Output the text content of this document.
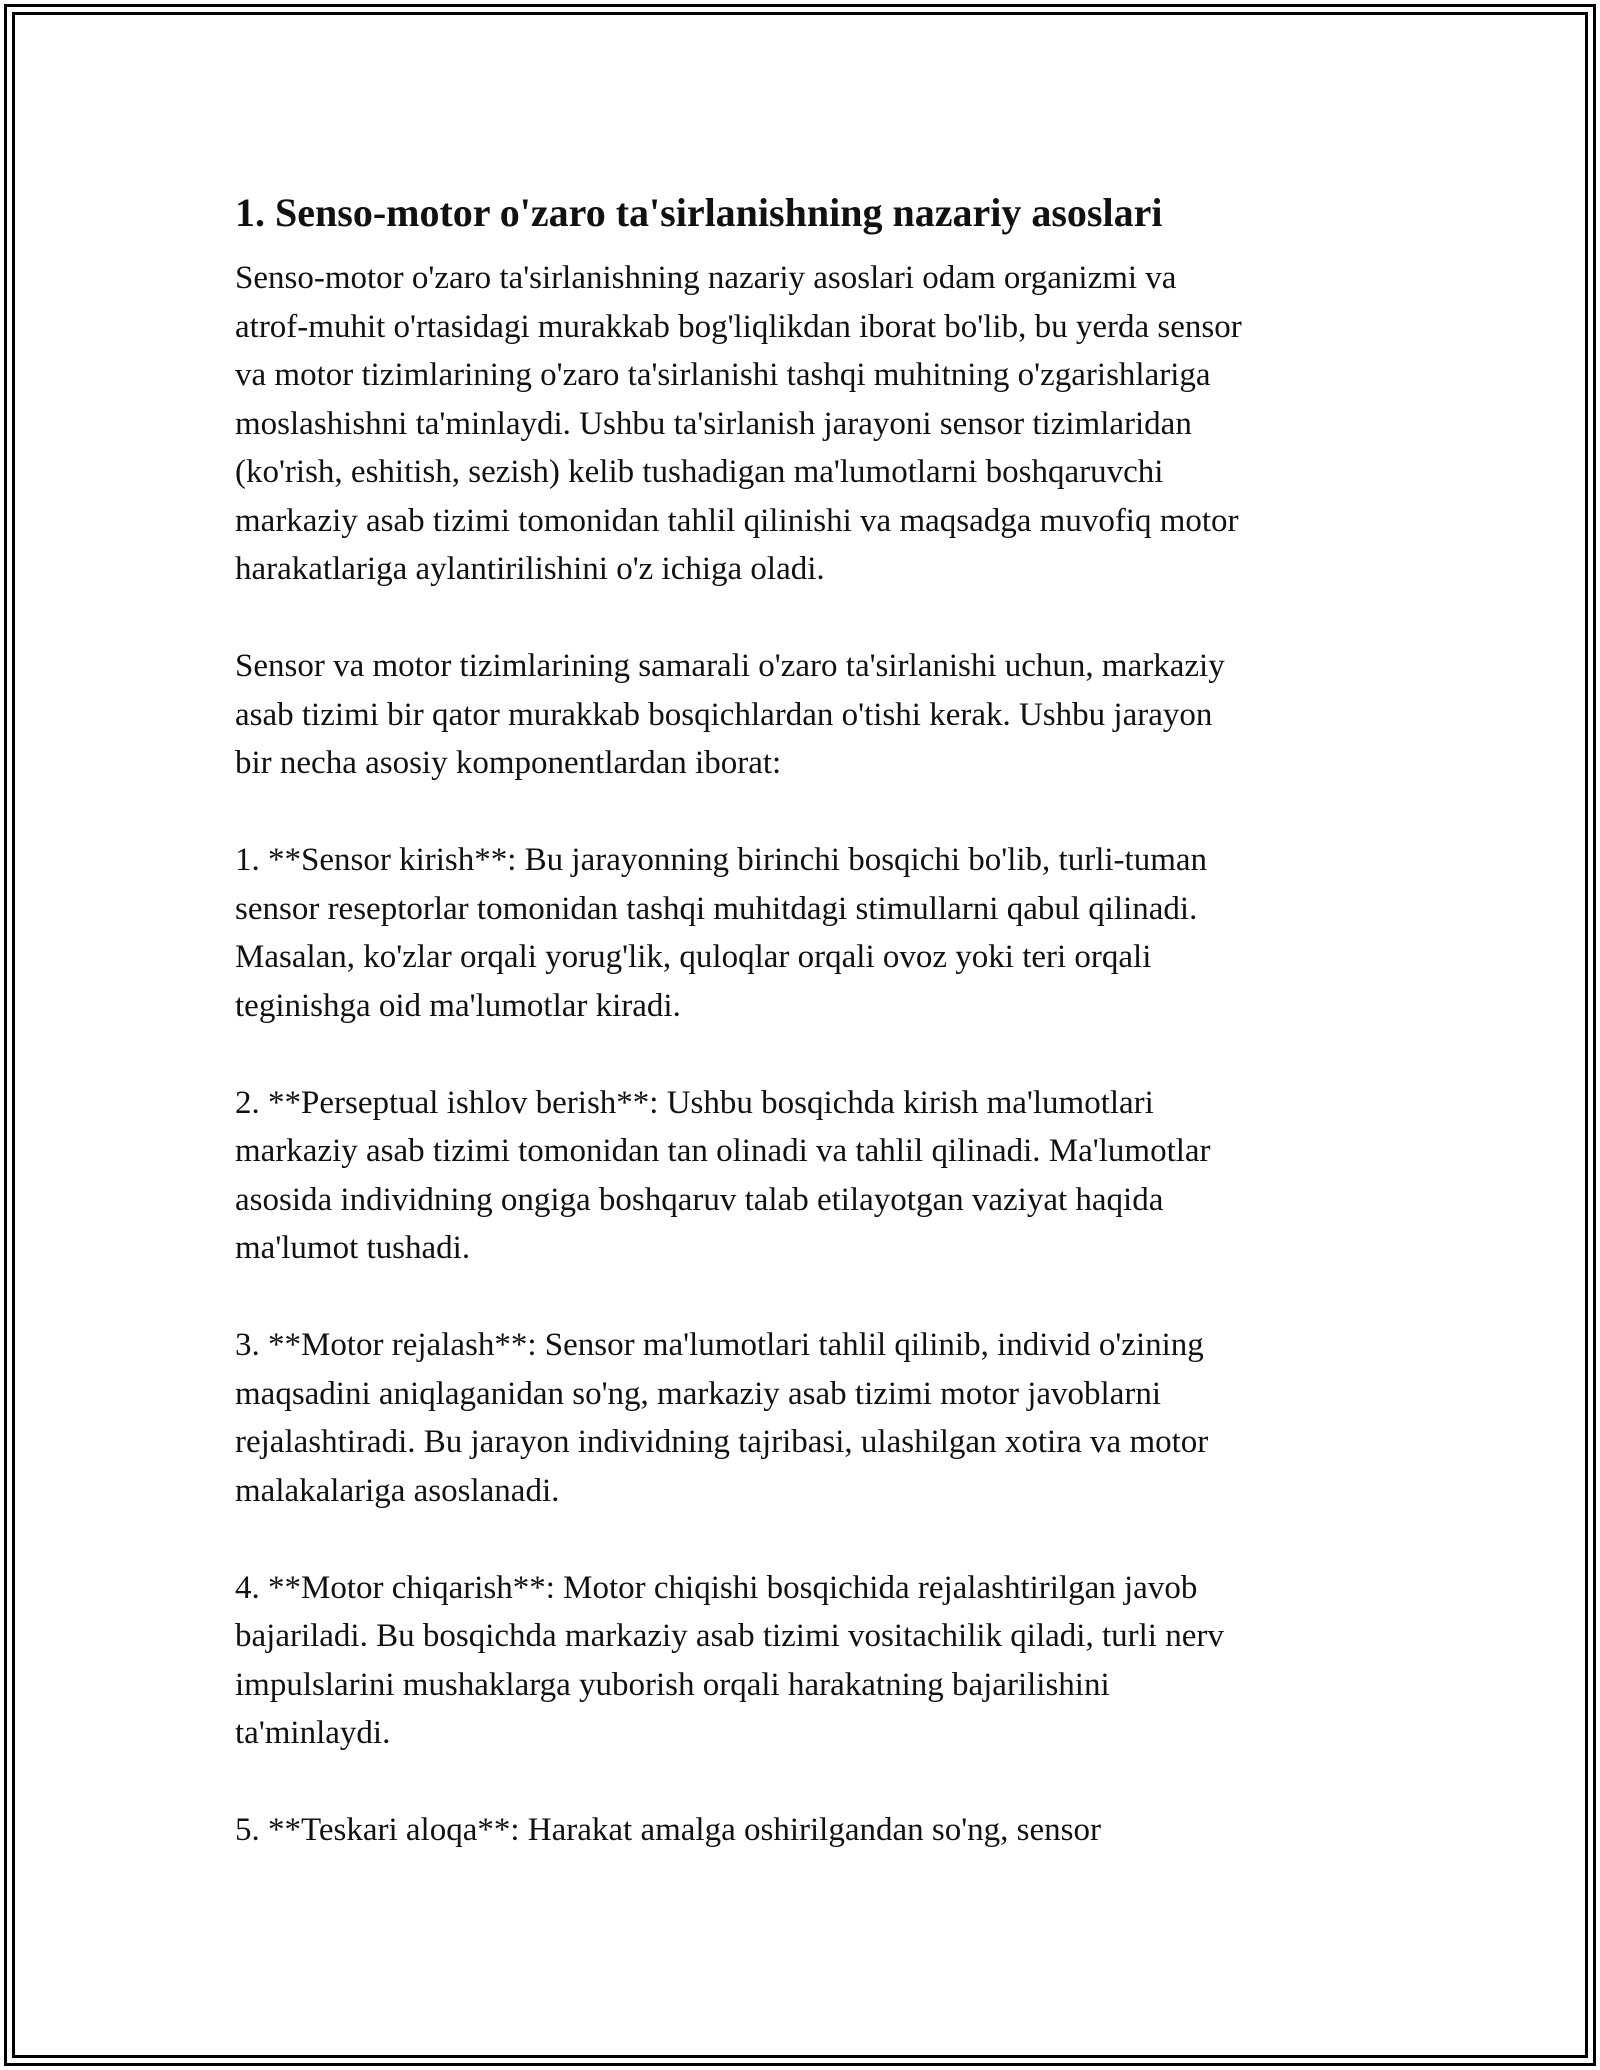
1. Senso-motor o'zaro ta'sirlanishning nazariy asoslari

Senso-motor o'zaro ta'sirlanishning nazariy asoslari odam organizmi va
atrof-muhit o'rtasidagi murakkab bog'liqlikdan iborat bo'lib, bu yerda sensor
va motor tizimlarining o'zaro ta'sirlanishi tashqi muhitning o'zgarishlariga
moslashishni ta'minlaydi. Ushbu ta'sirlanish jarayoni sensor tizimlaridan
(ko'rish, eshitish, sezish) kelib tushadigan ma'lumotlarni boshqaruvchi
markaziy asab tizimi tomonidan tahlil qilinishi va maqsadga muvofiq motor
harakatlariga aylantirilishini o'z ichiga oladi.

Sensor va motor tizimlarining samarali o'zaro ta'sirlanishi uchun, markaziy
asab tizimi bir qator murakkab bosqichlardan o'tishi kerak. Ushbu jarayon
bir necha asosiy komponentlardan iborat:

1. **Sensor kirish**: Bu jarayonning birinchi bosqichi bo'lib, turli-tuman
sensor reseptorlar tomonidan tashqi muhitdagi stimullarni qabul qilinadi.
Masalan, ko'zlar orqali yorug'lik, quloqlar orqali ovoz yoki teri orqali
teginishga oid ma'lumotlar kiradi.

2. **Perseptual ishlov berish**: Ushbu bosqichda kirish ma'lumotlari
markaziy asab tizimi tomonidan tan olinadi va tahlil qilinadi. Ma'lumotlar
asosida individning ongiga boshqaruv talab etilayotgan vaziyat haqida
ma'lumot tushadi.

3. **Motor rejalash**: Sensor ma'lumotlari tahlil qilinib, individ o'zining
maqsadini aniqlaganidan so'ng, markaziy asab tizimi motor javoblarni
rejalashtiradi. Bu jarayon individning tajribasi, ulashilgan xotira va motor
malakalariga asoslanadi.

4. **Motor chiqarish**: Motor chiqishi bosqichida rejalashtirilgan javob
bajariladi. Bu bosqichda markaziy asab tizimi vositachilik qiladi, turli nerv
impulslarini mushaklarga yuborish orqali harakatning bajarilishini
ta'minlaydi.

5. **Teskari aloqa**: Harakat amalga oshirilgandan so'ng, sensor
